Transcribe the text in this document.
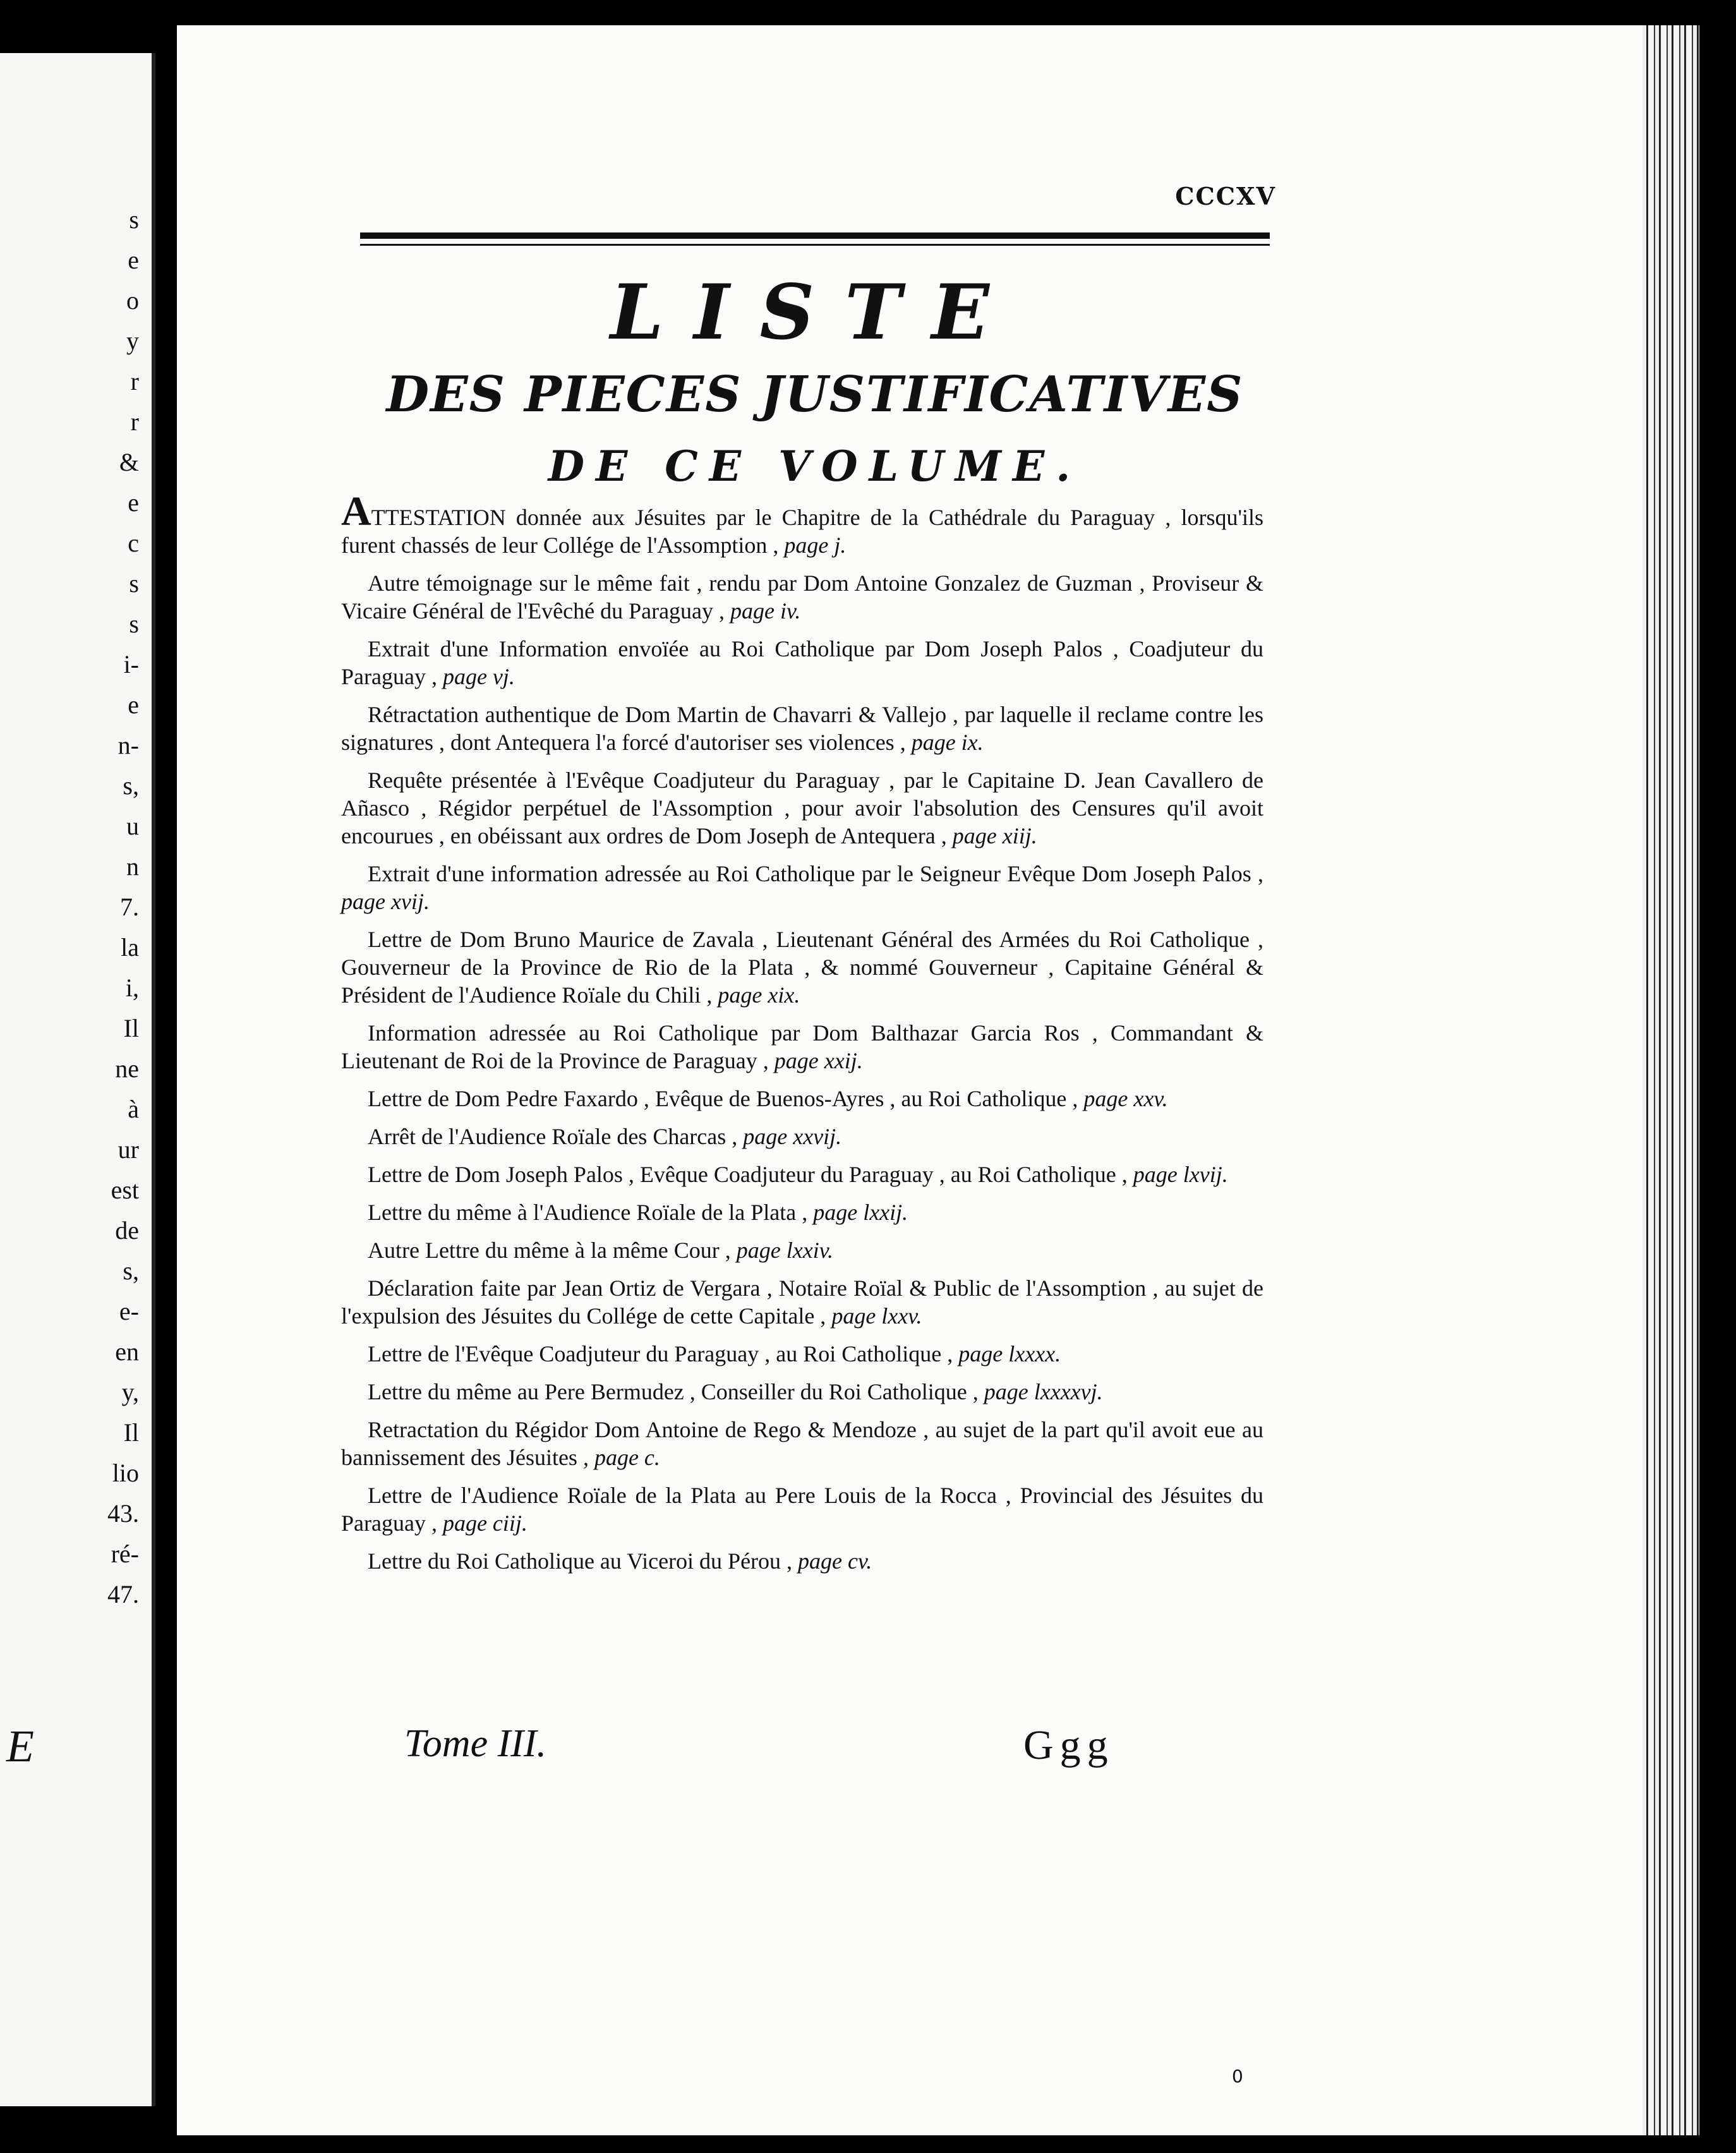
s
e
o
y
r
r
&
e
c
s
s
i-
e
n-
s,
u
n
7.
la
i,
Il
ne
à
ur
est
de
s,
e-
en
y,
Il
lio
43.
ré-
47.
E
CCCXV
LISTE
DES PIECES JUSTIFICATIVES
DE CE VOLUME.

ATTESTATION donnée aux Jésuites par le Chapitre de la Cathédrale du Paraguay , lorsqu'ils furent chassés de leur Collége de l'Assomption , page j.

Autre témoignage sur le même fait , rendu par Dom Antoine Gonzalez de Guzman , Proviseur & Vicaire Général de l'Evêché du Paraguay , page iv.

Extrait d'une Information envoïée au Roi Catholique par Dom Joseph Palos , Coadjuteur du Paraguay , page vj.

Rétractation authentique de Dom Martin de Chavarri & Vallejo , par laquelle il reclame contre les signatures , dont Antequera l'a forcé d'autoriser ses violences , page ix.

Requête présentée à l'Evêque Coadjuteur du Paraguay , par le Capitaine D. Jean Cavallero de Añasco , Régidor perpétuel de l'Assomption , pour avoir l'absolution des Censures qu'il avoit encourues , en obéissant aux ordres de Dom Joseph de Antequera , page xiij.

Extrait d'une information adressée au Roi Catholique par le Seigneur Evêque Dom Joseph Palos , page xvij.

Lettre de Dom Bruno Maurice de Zavala , Lieutenant Général des Armées du Roi Catholique , Gouverneur de la Province de Rio de la Plata , & nommé Gouverneur , Capitaine Général & Président de l'Audience Roïale du Chili , page xix.

Information adressée au Roi Catholique par Dom Balthazar Garcia Ros , Commandant & Lieutenant de Roi de la Province de Paraguay , page xxij.

Lettre de Dom Pedre Faxardo , Evêque de Buenos-Ayres , au Roi Catholique , page xxv.

Arrêt de l'Audience Roïale des Charcas , page xxvij.

Lettre de Dom Joseph Palos , Evêque Coadjuteur du Paraguay , au Roi Catholique , page lxvij.

Lettre du même à l'Audience Roïale de la Plata , page lxxij.

Autre Lettre du même à la même Cour , page lxxiv.

Déclaration faite par Jean Ortiz de Vergara , Notaire Roïal & Public de l'Assomption , au sujet de l'expulsion des Jésuites du Collége de cette Capitale , page lxxv.

Lettre de l'Evêque Coadjuteur du Paraguay , au Roi Catholique , page lxxxx.

Lettre du même au Pere Bermudez , Conseiller du Roi Catholique , page lxxxxvj.

Retractation du Régidor Dom Antoine de Rego & Mendoze , au sujet de la part qu'il avoit eue au bannissement des Jésuites , page c.

Lettre de l'Audience Roïale de la Plata au Pere Louis de la Rocca , Provincial des Jésuites du Paraguay , page ciij.

Lettre du Roi Catholique au Viceroi du Pérou , page cv.

Tome III.	Ggg
0
